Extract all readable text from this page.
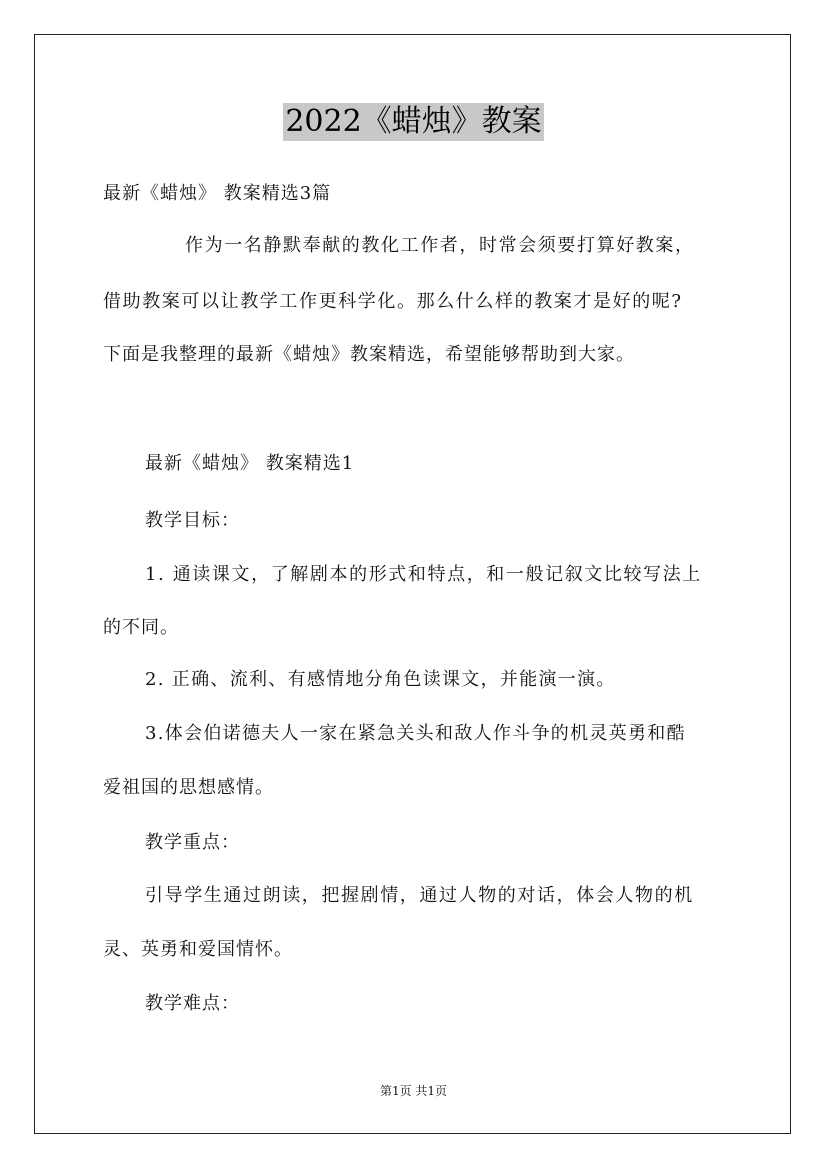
2022《蜡烛》教案
最新《蜡烛》 教案精选3篇
作为一名静默奉献的教化工作者，时常会须要打算好教案，
借助教案可以让教学工作更科学化。那么什么样的教案才是好的呢?
下面是我整理的最新《蜡烛》教案精选，希望能够帮助到大家。
最新《蜡烛》 教案精选1
教学目标：
1. 通读课文，了解剧本的形式和特点，和一般记叙文比较写法上
的不同。
2. 正确、流利、有感情地分角色读课文，并能演一演。
3.体会伯诺德夫人一家在紧急关头和敌人作斗争的机灵英勇和酷
爱祖国的思想感情。
教学重点：
引导学生通过朗读，把握剧情，通过人物的对话，体会人物的机
灵、英勇和爱国情怀。
教学难点：
第1页 共1页
